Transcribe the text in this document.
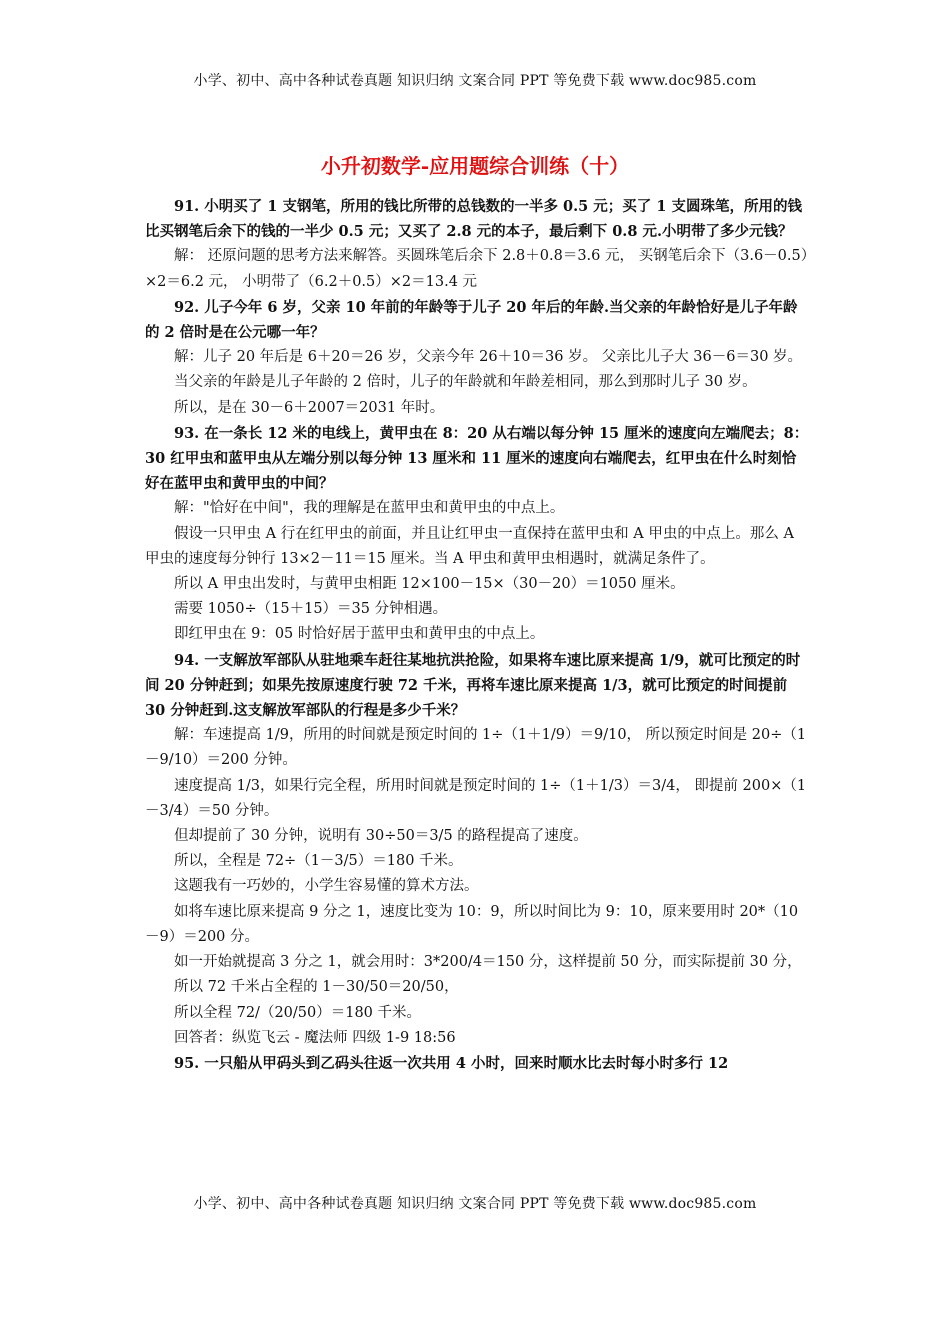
小学、初中、高中各种试卷真题 知识归纳 文案合同 PPT 等免费下载 www.doc985.com
小升初数学-应用题综合训练（十）

91. 小明买了 1 支钢笔，所用的钱比所带的总钱数的一半多 0.5 元；买了 1 支圆珠笔，所用的钱比买钢笔后余下的钱的一半少 0.5 元；又买了 2.8 元的本子，最后剩下 0.8 元.小明带了多少元钱？

解： 还原问题的思考方法来解答。买圆珠笔后余下 2.8＋0.8＝3.6 元， 买钢笔后余下（3.6－0.5）×2＝6.2 元， 小明带了（6.2＋0.5）×2＝13.4 元

92. 儿子今年 6 岁，父亲 10 年前的年龄等于儿子 20 年后的年龄.当父亲的年龄恰好是儿子年龄的 2 倍时是在公元哪一年？

解：儿子 20 年后是 6＋20＝26 岁，父亲今年 26＋10＝36 岁。 父亲比儿子大 36－6＝30 岁。

当父亲的年龄是儿子年龄的 2 倍时，儿子的年龄就和年龄差相同，那么到那时儿子 30 岁。

所以，是在 30－6＋2007＝2031 年时。

93. 在一条长 12 米的电线上，黄甲虫在 8：20 从右端以每分钟 15 厘米的速度向左端爬去；8：30 红甲虫和蓝甲虫从左端分别以每分钟 13 厘米和 11 厘米的速度向右端爬去，红甲虫在什么时刻恰好在蓝甲虫和黄甲虫的中间？

解："恰好在中间"，我的理解是在蓝甲虫和黄甲虫的中点上。

假设一只甲虫 A 行在红甲虫的前面，并且让红甲虫一直保持在蓝甲虫和 A 甲虫的中点上。那么 A 甲虫的速度每分钟行 13×2－11＝15 厘米。当 A 甲虫和黄甲虫相遇时，就满足条件了。

所以 A 甲虫出发时，与黄甲虫相距 12×100－15×（30－20）＝1050 厘米。

需要 1050÷（15＋15）＝35 分钟相遇。

即红甲虫在 9：05 时恰好居于蓝甲虫和黄甲虫的中点上。

94. 一支解放军部队从驻地乘车赶往某地抗洪抢险，如果将车速比原来提高 1/9，就可比预定的时间 20 分钟赶到；如果先按原速度行驶 72 千米，再将车速比原来提高 1/3，就可比预定的时间提前 30 分钟赶到.这支解放军部队的行程是多少千米？

解：车速提高 1/9，所用的时间就是预定时间的 1÷（1＋1/9）＝9/10， 所以预定时间是 20÷（1－9/10）＝200 分钟。

速度提高 1/3，如果行完全程，所用时间就是预定时间的 1÷（1＋1/3）＝3/4， 即提前 200×（1－3/4）＝50 分钟。

但却提前了 30 分钟，说明有 30÷50＝3/5 的路程提高了速度。

所以，全程是 72÷（1－3/5）＝180 千米。

这题我有一巧妙的，小学生容易懂的算术方法。

如将车速比原来提高 9 分之 1，速度比变为 10：9，所以时间比为 9：10，原来要用时 20*（10－9）＝200 分。

如一开始就提高 3 分之 1，就会用时：3*200/4＝150 分，这样提前 50 分，而实际提前 30 分，

所以 72 千米占全程的 1－30/50＝20/50，

所以全程 72/（20/50）＝180 千米。

回答者：纵览飞云 - 魔法师 四级 1-9 18:56

95. 一只船从甲码头到乙码头往返一次共用 4 小时，回来时顺水比去时每小时多行 12

小学、初中、高中各种试卷真题 知识归纳 文案合同 PPT 等免费下载 www.doc985.com
